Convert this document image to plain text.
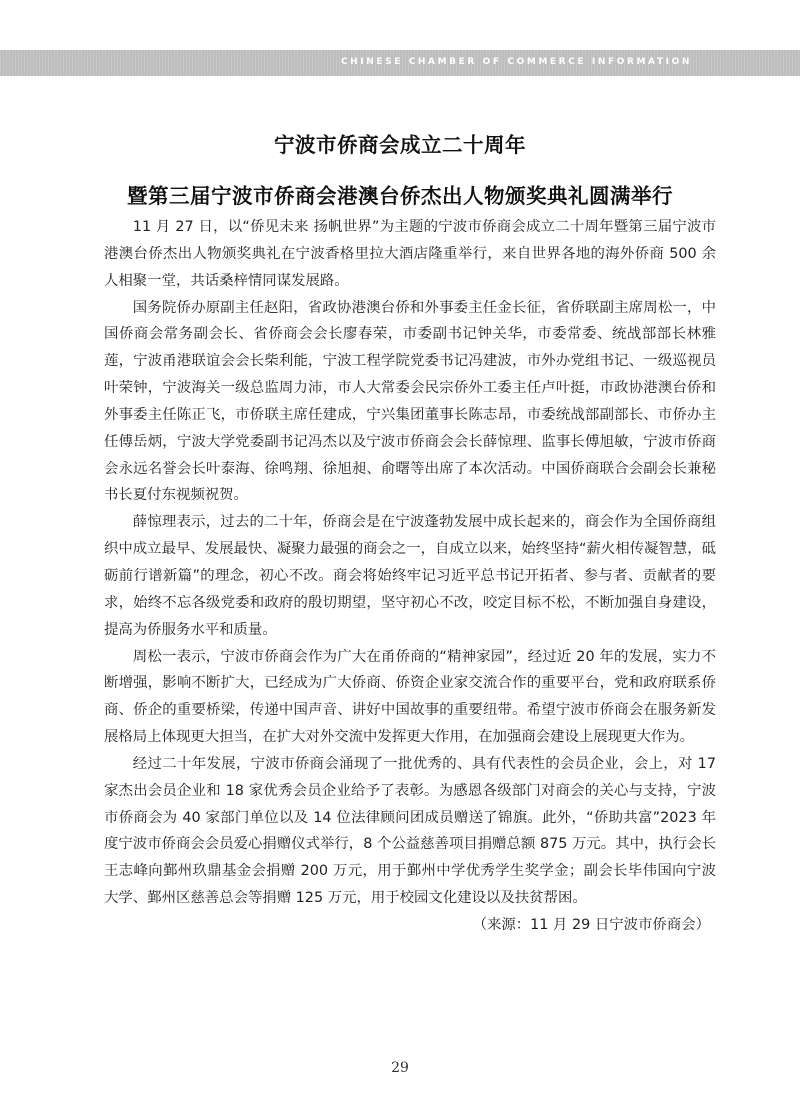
CHINESE CHAMBER OF COMMERCE INFORMATION
宁波市侨商会成立二十周年
暨第三届宁波市侨商会港澳台侨杰出人物颁奖典礼圆满举行

11 月 27 日，以“侨见未来 扬帆世界”为主题的宁波市侨商会成立二十周年暨第三届宁波市港澳台侨杰出人物颁奖典礼在宁波香格里拉大酒店隆重举行，来自世界各地的海外侨商 500 余人相聚一堂，共话桑梓情同谋发展路。

国务院侨办原副主任赵阳，省政协港澳台侨和外事委主任金长征，省侨联副主席周松一，中国侨商会常务副会长、省侨商会会长廖春荣，市委副书记钟关华，市委常委、统战部部长林雅莲，宁波甬港联谊会会长柴利能，宁波工程学院党委书记冯建波，市外办党组书记、一级巡视员叶荣钟，宁波海关一级总监周力沛，市人大常委会民宗侨外工委主任卢叶挺，市政协港澳台侨和外事委主任陈正飞，市侨联主席任建成，宁兴集团董事长陈志昂，市委统战部副部长、市侨办主任傅岳炳，宁波大学党委副书记冯杰以及宁波市侨商会会长薛惊理、监事长傅旭敏，宁波市侨商会永远名誉会长叶泰海、徐鸣翔、徐旭昶、俞曙等出席了本次活动。中国侨商联合会副会长兼秘书长夏付东视频祝贺。

薛惊理表示，过去的二十年，侨商会是在宁波蓬勃发展中成长起来的，商会作为全国侨商组织中成立最早、发展最快、凝聚力最强的商会之一，自成立以来，始终坚持“薪火相传凝智慧，砥砺前行谱新篇”的理念，初心不改。商会将始终牢记习近平总书记开拓者、参与者、贡献者的要求，始终不忘各级党委和政府的殷切期望，坚守初心不改，咬定目标不松，不断加强自身建设，提高为侨服务水平和质量。

周松一表示，宁波市侨商会作为广大在甬侨商的“精神家园”，经过近 20 年的发展，实力不断增强，影响不断扩大，已经成为广大侨商、侨资企业家交流合作的重要平台，党和政府联系侨商、侨企的重要桥梁，传递中国声音、讲好中国故事的重要纽带。希望宁波市侨商会在服务新发展格局上体现更大担当，在扩大对外交流中发挥更大作用，在加强商会建设上展现更大作为。

经过二十年发展，宁波市侨商会涌现了一批优秀的、具有代表性的会员企业，会上，对 17 家杰出会员企业和 18 家优秀会员企业给予了表彰。为感恩各级部门对商会的关心与支持，宁波市侨商会为 40 家部门单位以及 14 位法律顾问团成员赠送了锦旗。此外，“侨助共富”2023 年度宁波市侨商会会员爱心捐赠仪式举行，8 个公益慈善项目捐赠总额 875 万元。其中，执行会长王志峰向鄞州玖鼎基金会捐赠 200 万元，用于鄞州中学优秀学生奖学金；副会长毕伟国向宁波大学、鄞州区慈善总会等捐赠 125 万元，用于校园文化建设以及扶贫帮困。

（来源：11 月 29 日宁波市侨商会）

29
